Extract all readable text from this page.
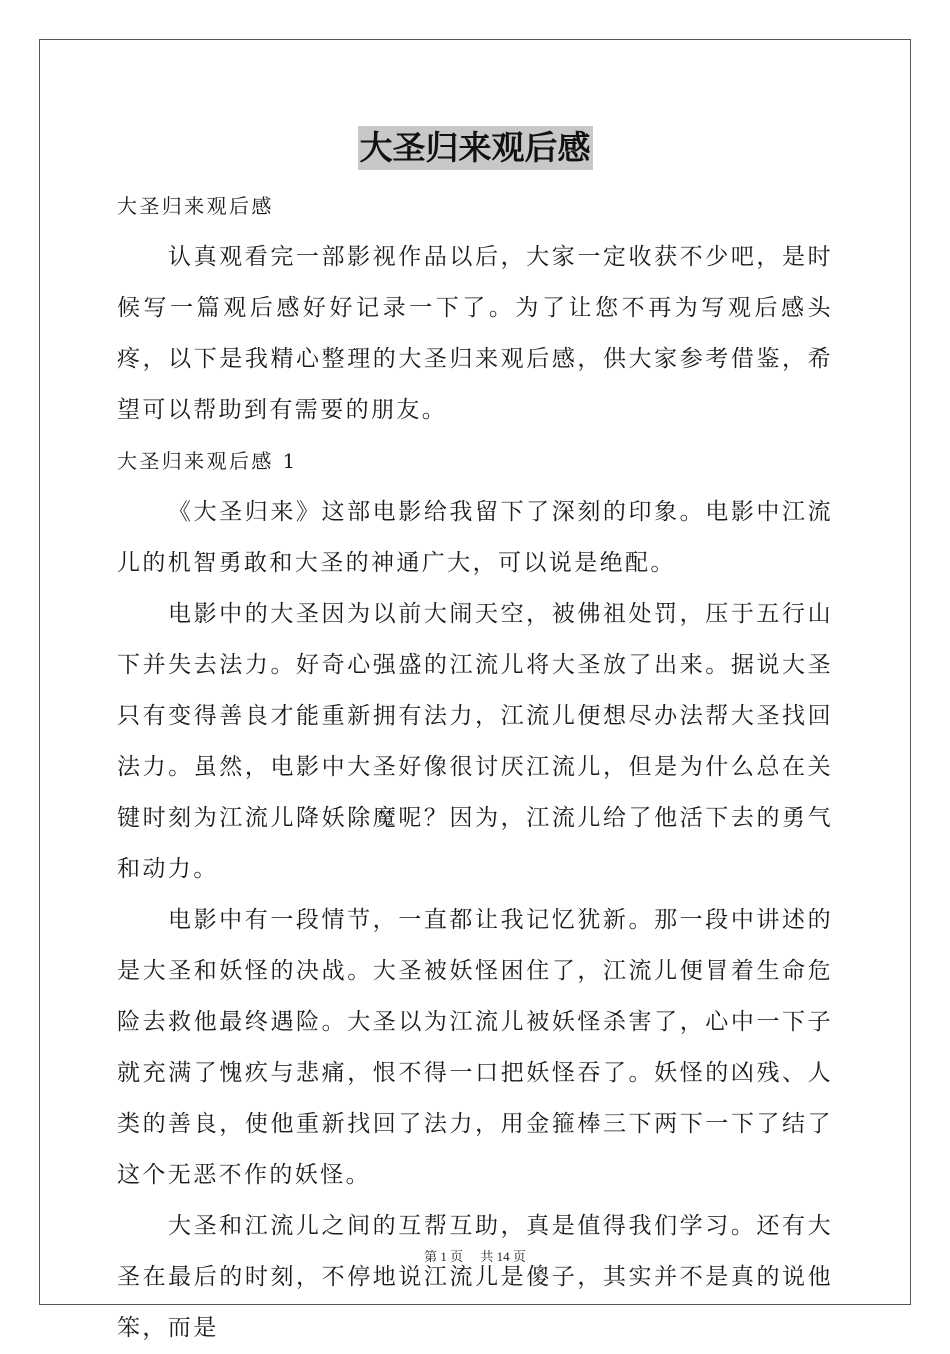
大圣归来观后感

大圣归来观后感

认真观看完一部影视作品以后，大家一定收获不少吧，是时候写一篇观后感好好记录一下了。为了让您不再为写观后感头疼，以下是我精心整理的大圣归来观后感，供大家参考借鉴，希望可以帮助到有需要的朋友。

大圣归来观后感 1

《大圣归来》这部电影给我留下了深刻的印象。电影中江流儿的机智勇敢和大圣的神通广大，可以说是绝配。

电影中的大圣因为以前大闹天空，被佛祖处罚，压于五行山下并失去法力。好奇心强盛的江流儿将大圣放了出来。据说大圣只有变得善良才能重新拥有法力，江流儿便想尽办法帮大圣找回法力。虽然，电影中大圣好像很讨厌江流儿，但是为什么总在关键时刻为江流儿降妖除魔呢？因为，江流儿给了他活下去的勇气和动力。

电影中有一段情节，一直都让我记忆犹新。那一段中讲述的是大圣和妖怪的决战。大圣被妖怪困住了，江流儿便冒着生命危险去救他最终遇险。大圣以为江流儿被妖怪杀害了，心中一下子就充满了愧疚与悲痛，恨不得一口把妖怪吞了。妖怪的凶残、人类的善良，使他重新找回了法力，用金箍棒三下两下一下了结了这个无恶不作的妖怪。

大圣和江流儿之间的互帮互助，真是值得我们学习。还有大圣在最后的时刻，不停地说江流儿是傻子，其实并不是真的说他笨，而是

第 1 页 共 14 页
